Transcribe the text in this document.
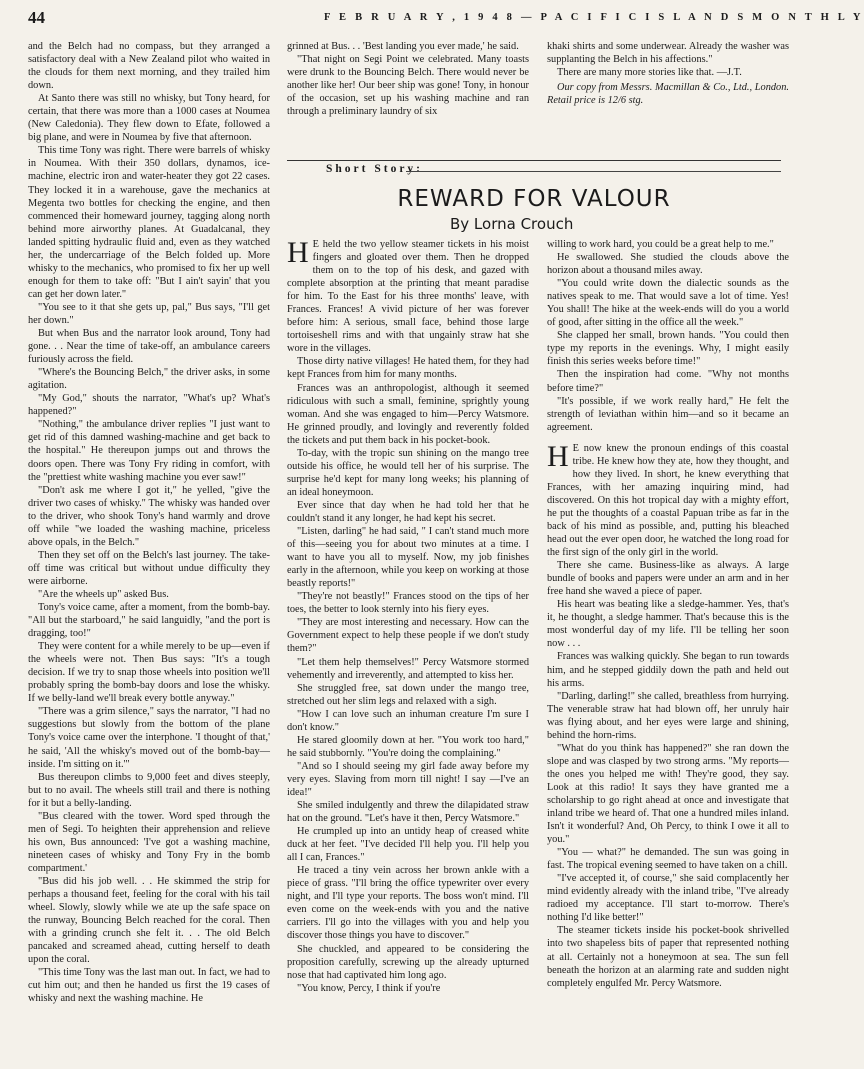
44	F E B R U A R Y , 1 9 4 8 — P A C I F I C I S L A N D S M O N T H L Y

and the Belch had no compass, but they arranged a satisfactory deal with a New Zealand pilot who waited in the clouds for them next morning, and they trailed him down.

At Santo there was still no whisky, but Tony heard, for certain, that there was more than a 1000 cases at Noumea (New Caledonia). They flew down to Efate, followed a big plane, and were in Noumea by five that afternoon.

This time Tony was right. There were barrels of whisky in Noumea. With their 350 dollars, dynamos, ice-machine, electric iron and water-heater they got 22 cases. They locked it in a warehouse, gave the mechanics at Megenta two bottles for checking the engine, and then commenced their homeward journey, tagging along north behind more airworthy planes. At Guadalcanal, they landed spitting hydraulic fluid and, even as they watched her, the undercarriage of the Belch folded up. More whisky to the mechanics, who promised to fix her up well enough for them to take off: "But I ain't sayin' that you can get her down later."

"You see to it that she gets up, pal," Bus says, "I'll get her down."

But when Bus and the narrator look around, Tony had gone. . . Near the time of take-off, an ambulance careers furiously across the field.

"Where's the Bouncing Belch," the driver asks, in some agitation.

"My God," shouts the narrator, "What's up? What's happened?"

"Nothing," the ambulance driver replies "I just want to get rid of this damned washing-machine and get back to the hospital." He thereupon jumps out and throws the doors open. There was Tony Fry riding in comfort, with the "prettiest white washing machine you ever saw!"

"Don't ask me where I got it," he yelled, "give the driver two cases of whisky." The whisky was handed over to the driver, who shook Tony's hand warmly and drove off while "we loaded the washing machine, priceless above opals, in the Belch."

Then they set off on the Belch's last journey. The take-off time was critical but without undue difficulty they were airborne.

"Are the wheels up" asked Bus.

Tony's voice came, after a moment, from the bomb-bay. "All but the starboard," he said languidly, "and the port is dragging, too!"

They were content for a while merely to be up—even if the wheels were not. Then Bus says: "It's a tough decision. If we try to snap those wheels into position we'll probably spring the bomb-bay doors and lose the whisky. If we belly-land we'll break every bottle anyway."

"There was a grim silence," says the narrator, "I had no suggestions but slowly from the bottom of the plane Tony's voice came over the interphone. 'I thought of that,' he said, 'All the whisky's moved out of the bomb-bay—inside. I'm sitting on it.'"

Bus thereupon climbs to 9,000 feet and dives steeply, but to no avail. The wheels still trail and there is nothing for it but a belly-landing.

"Bus cleared with the tower. Word sped through the men of Segi. To heighten their apprehension and relieve his own, Bus announced: 'I've got a washing machine, nineteen cases of whisky and Tony Fry in the bomb compartment.'

"Bus did his job well. . . He skimmed the strip for perhaps a thousand feet, feeling for the coral with his tail wheel. Slowly, slowly while we ate up the safe space on the runway, Bouncing Belch reached for the coral. Then with a grinding crunch she felt it. . . The old Belch pancaked and screamed ahead, cutting herself to death upon the coral.

"This time Tony was the last man out. In fact, we had to cut him out; and then he handed us first the 19 cases of whisky and next the washing machine. He

grinned at Bus. . . 'Best landing you ever made,' he said.

"That night on Segi Point we celebrated. Many toasts were drunk to the Bouncing Belch. There would never be another like her! Our beer ship was gone! Tony, in honour of the occasion, set up his washing machine and ran through a preliminary laundry of six

khaki shirts and some underwear. Already the washer was supplanting the Belch in his affections."

There are many more stories like that. —J.T.

Our copy from Messrs. Macmillan & Co., Ltd., London. Retail price is 12/6 stg.

Short Story:
REWARD FOR VALOUR
By Lorna Crouch

H E held the two yellow steamer tickets in his moist fingers and gloated over them. Then he dropped them on to the top of his desk, and gazed with complete absorption at the printing that meant paradise for him. To the East for his three months' leave, with Frances. Frances! A vivid picture of her was forever before him: A serious, small face, behind those large tortoiseshell rims and with that ungainly straw hat she wore in the villages.

Those dirty native villages! He hated them, for they had kept Frances from him for many months.

Frances was an anthropologist, although it seemed ridiculous with such a small, feminine, sprightly young woman. And she was engaged to him—Percy Watsmore. He grinned proudly, and lovingly and reverently folded the tickets and put them back in his pocket-book.

To-day, with the tropic sun shining on the mango tree outside his office, he would tell her of his surprise. The surprise he'd kept for many long weeks; his planning of an ideal honeymoon.

Ever since that day when he had told her that he couldn't stand it any longer, he had kept his secret.

"Listen, darling" he had said, " I can't stand much more of this—seeing you for about two minutes at a time. I want to have you all to myself. Now, my job finishes early in the afternoon, while you keep on working at those beastly reports!"

"They're not beastly!" Frances stood on the tips of her toes, the better to look sternly into his fiery eyes.

"They are most interesting and necessary. How can the Government expect to help these people if we don't study them?"

"Let them help themselves!" Percy Watsmore stormed vehemently and irreverently, and attempted to kiss her.

She struggled free, sat down under the mango tree, stretched out her slim legs and relaxed with a sigh.

"How I can love such an inhuman creature I'm sure I don't know."

He stared gloomily down at her. "You work too hard," he said stubbornly. "You're doing the complaining."

"And so I should seeing my girl fade away before my very eyes. Slaving from morn till night! I say —I've an idea!"

She smiled indulgently and threw the dilapidated straw hat on the ground. "Let's have it then, Percy Watsmore."

He crumpled up into an untidy heap of creased white duck at her feet. "I've decided I'll help you. I'll help you all I can, Frances."

He traced a tiny vein across her brown ankle with a piece of grass. "I'll bring the office typewriter over every night, and I'll type your reports. The boss won't mind. I'll even come on the week-ends with you and the native carriers. I'll go into the villages with you and help you discover those things you have to discover."

She chuckled, and appeared to be considering the proposition carefully, screwing up the already upturned nose that had captivated him long ago.

"You know, Percy, I think if you're

willing to work hard, you could be a great help to me."

He swallowed. She studied the clouds above the horizon about a thousand miles away.

"You could write down the dialectic sounds as the natives speak to me. That would save a lot of time. Yes! You shall! The hike at the week-ends will do you a world of good, after sitting in the office all the week."

She clapped her small, brown hands. "You could then type my reports in the evenings. Why, I might easily finish this series weeks before time!"

Then the inspiration had come. "Why not months before time?"

"It's possible, if we work really hard," He felt the strength of leviathan within him—and so it became an agreement.

H E now knew the pronoun endings of this coastal tribe. He knew how they ate, how they thought, and how they lived. In short, he knew everything that Frances, with her amazing inquiring mind, had discovered. On this hot tropical day with a mighty effort, he put the thoughts of a coastal Papuan tribe as far in the back of his mind as possible, and, putting his bleached head out the ever open door, he watched the long road for the first sign of the only girl in the world.

There she came. Business-like as always. A large bundle of books and papers were under an arm and in her free hand she waved a piece of paper.

His heart was beating like a sledge-hammer. Yes, that's it, he thought, a sledge hammer. That's because this is the most wonderful day of my life. I'll be telling her soon now . . .

Frances was walking quickly. She began to run towards him, and he stepped giddily down the path and held out his arms.

"Darling, darling!" she called, breathless from hurrying. The venerable straw hat had blown off, her unruly hair was flying about, and her eyes were large and shining, behind the horn-rims.

"What do you think has happened?" she ran down the slope and was clasped by two strong arms. "My reports—the ones you helped me with! They're good, they say. Look at this radio! It says they have granted me a scholarship to go right ahead at once and investigate that inland tribe we heard of. That one a hundred miles inland. Isn't it wonderful? And, Oh Percy, to think I owe it all to you."

"You — what?" he demanded. The sun was going in fast. The tropical evening seemed to have taken on a chill.

"I've accepted it, of course," she said complacently her mind evidently already with the inland tribe, "I've already radioed my acceptance. I'll start to-morrow. There's nothing I'd like better!"

The steamer tickets inside his pocket-book shrivelled into two shapeless bits of paper that represented nothing at all. Certainly not a honeymoon at sea. The sun fell beneath the horizon at an alarming rate and sudden night completely engulfed Mr. Percy Watsmore.
